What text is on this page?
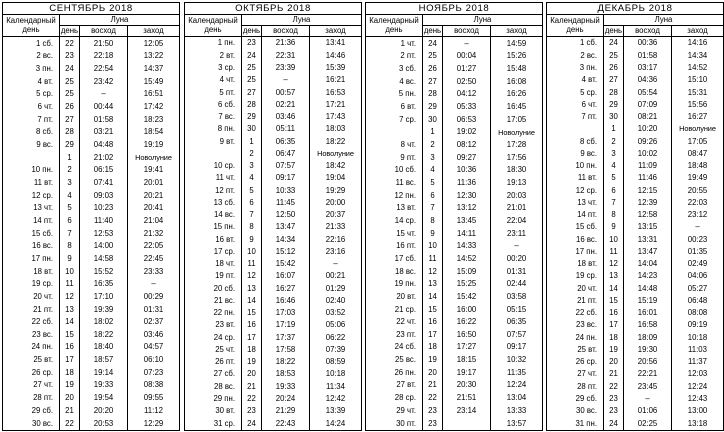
СЕНТЯБРЬ 2018			
Календарный день	Луна		
	день	восход	заход
1 сб.	22	21:50	12:05
2 вс.	23	22:18	13:22
3 пн.	24	22:54	14:37
4 вт.	25	23:42	15:49
5 ср.	25	–	16:51
6 чт.	26	00:44	17:42
7 пт.	27	01:58	18:23
8 сб.	28	03:21	18:54
9 вс.	29	04:48	19:19
	1	21:02	Новолуние
10 пн.	2	06:15	19:41
11 вт.	3	07:41	20:01
12 ср.	4	09:03	20:21
13 чт.	5	10:23	20:41
14 пт.	6	11:40	21:04
15 сб.	7	12:53	21:32
16 вс.	8	14:00	22:05
17 пн.	9	14:58	22:45
18 вт.	10	15:52	23:33
19 ср.	11	16:35	–
20 чт.	12	17:10	00:29
21 пт.	13	19:39	01:31
22 сб.	14	18:02	02:37
23 вс.	15	18:22	03:46
24 пн.	16	18:40	04:57
25 вт.	17	18:57	06:10
26 ср.	18	19:14	07:23
27 чт.	19	19:33	08:38
28 пт.	20	19:54	09:55
29 сб.	21	20:20	11:12
30 вс.	22	20:53	12:29
ОКТЯБРЬ 2018			
Календарный день	Луна		
	день	восход	заход
1 пн.	23	21:36	13:41
2 вт.	24	22:31	14:46
3 ср.	25	23:39	15:39
4 чт.	25	–	16:21
5 пт.	27	00:57	16:53
6 сб.	28	02:21	17:21
7 вс.	29	03:46	17:43
8 пн.	30	05:11	18:03
9 вт.	1	06:35	18:22
	2	06:47	Новолуние
10 ср.	3	07:57	18:42
11 чт.	4	09:17	19:04
12 пт.	5	10:33	19:29
13 сб.	6	11:45	20:00
14 вс.	7	12:50	20:37
15 пн.	8	13:47	21:33
16 вт.	9	14:34	22:16
17 ср.	10	15:12	23:16
18 чт.	11	15:42	–
19 пт.	12	16:07	00:21
20 сб.	13	16:27	01:29
21 вс.	14	16:46	02:40
22 пн.	15	17:03	03:52
23 вт.	16	17:19	05:06
24 ср.	17	17:37	06:22
25 чт.	18	17:58	07:39
26 пт.	19	18:22	08:59
27 сб.	20	18:53	10:18
28 вс.	21	19:33	11:34
29 пн.	22	20:24	12:42
30 вт.	23	21:29	13:39
31 ср.	24	22:43	14:24
НОЯБРЬ 2018			
Календарный день	Луна		
	день	восход	заход
1 чт.	24	–	14:59
2 пт.	25	00:04	15:26
3 сб.	26	01:27	15:48
4 вс.	27	02:50	16:08
5 пн.	28	04:12	16:26
6 вт.	29	05:33	16:45
7 ср.	30	06:53	17:05
	1	19:02	Новолуние
8 чт.	2	08:12	17:28
9 пт.	3	09:27	17:56
10 сб.	4	10:36	18:30
11 вс.	5	11:36	19:13
12 пн.	6	12:30	20:03
13 вт.	7	13:12	21:01
14 ср.	8	13:45	22:04
15 чт.	9	14:11	23:11
16 пт.	10	14:33	–
17 сб.	11	14:52	00:20
18 вс.	12	15:09	01:31
19 пн.	13	15:25	02:44
20 вт.	14	15:42	03:58
21 ср.	15	16:00	05:15
22 чт.	16	16:22	06:35
23 пт.	17	16:50	07:57
24 сб.	18	17:27	09:17
25 вс.	19	18:15	10:32
26 пн.	20	19:17	11:35
27 вт.	21	20:30	12:24
28 ср.	22	21:51	13:04
29 чт.	23	23:14	13:33
30 пт.	23		13:57
ДЕКАБРЬ 2018			
Календарный день	Луна		
	день	восход	заход
1 сб.	24	00:36	14:16
2 вс.	25	01:58	14:34
3 пн.	26	03:17	14:52
4 вт.	27	04:36	15:10
5 ср.	28	05:54	15:31
6 чт.	29	07:09	15:56
7 пт.	30	08:21	16:27
	1	10:20	Новолуние
8 сб.	2	09:26	17:05
9 вс.	3	10:02	08:47
10 пн.	4	11:09	18:48
11 вт.	5	11:46	19:49
12 ср.	6	12:15	20:55
13 чт.	7	12:39	22:03
14 пт.	8	12:58	23:12
15 сб.	9	13:15	–
16 вс.	10	13:31	00:23
17 пн.	11	13:47	01:35
18 вт.	12	14:04	02:49
19 ср.	13	14:23	04:06
20 чт.	14	14:48	05:27
21 пт.	15	15:19	06:48
22 сб.	16	16:01	08:08
23 вс.	17	16:58	09:19
24 пн.	18	18:09	10:18
25 вт.	19	19:30	11:03
26 ср.	20	20:56	11:37
27 чт.	21	22:21	12:03
28 пт.	22	23:45	12:24
29 сб.	23	–	12:43
30 вс.	23	01:06	13:00
31 пн.	24	02:25	13:18
